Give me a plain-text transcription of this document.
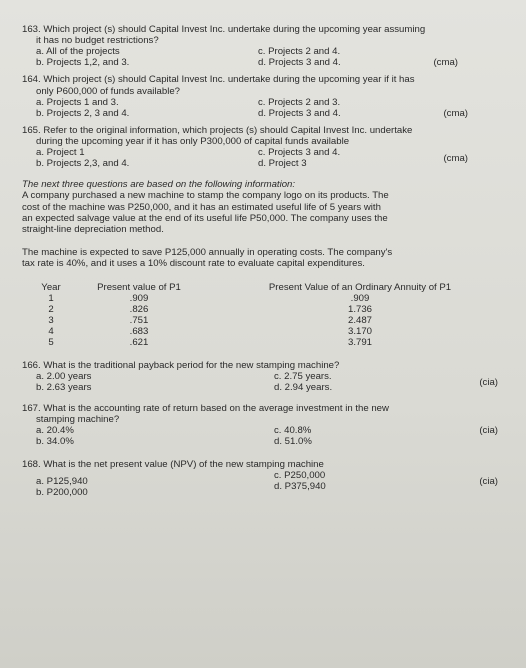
163. Which project (s) should Capital Invest Inc. undertake during the upcoming year assuming
it has no budget restrictions?
a. All of the projects
b. Projects 1,2, and 3.
c. Projects 2 and 4.
d. Projects 3 and 4.	(cma)
164. Which project (s) should Capital Invest Inc. undertake during the upcoming year if it has
only P600,000 of funds available?
a. Projects 1 and 3.
b. Projects 2, 3 and 4.
c. Projects 2 and 3.
d. Projects 3 and 4.	(cma)
165. Refer to the original information, which projects (s) should Capital Invest Inc. undertake
during the upcoming year if it has only P300,000 of capital funds available
a. Project 1
b. Projects 2,3, and 4.
c. Projects 3 and 4.
d. Project 3	(cma)
The next three questions are based on the following information:
A company purchased a new machine to stamp the company logo on its products. The
cost of the machine was P250,000, and it has an estimated useful life of 5 years with
an expected salvage value at the end of its useful life P50,000. The company uses the
straight-line depreciation method.
The machine is expected to save P125,000 annually in operating costs. The company's
tax rate is 40%, and it uses a 10% discount rate to evaluate capital expenditures.
Year	Present value of P1	Present Value of an Ordinary Annuity of P1
1	.909	.909
2	.826	1.736
3	.751	2.487
4	.683	3.170
5	.621	3.791
166. What is the traditional payback period for the new stamping machine?
a. 2.00 years
b. 2.63 years
c. 2.75 years.
d. 2.94 years.	(cia)
167. What is the accounting rate of return based on the average investment in the new
stamping machine?
a. 20.4%
b. 34.0%
c. 40.8%
d. 51.0%
(cia)
168. What is the net present value (NPV) of the new stamping machine
a. P125,940
b. P200,000
c. P250,000
d. P375,940	(cia)
